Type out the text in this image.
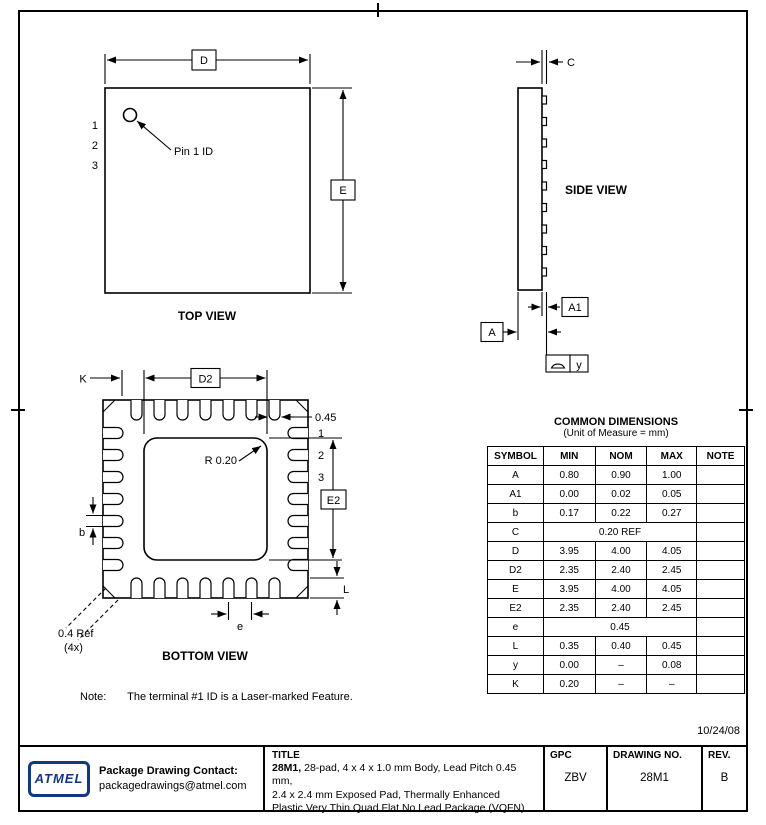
D
E
Pin 1 ID
1
2
3
TOP VIEW
C
SIDE VIEW
A1
A
y
D2
K
0.45
1
2
3
R 0.20
E2
b
L
e
0.4 Ref
(4x)
BOTTOM VIEW
Note: The terminal #1 ID is a Laser-marked Feature.
COMMON DIMENSIONS
(Unit of Measure = mm)
SYMBOL	MIN	NOM	MAX	NOTE
A	0.80	0.90	1.00	
A1	0.00	0.02	0.05	
b	0.17	0.22	0.27	
C	0.20 REF			
D	3.95	4.00	4.05	
D2	2.35	2.40	2.45	
E	3.95	4.00	4.05	
E2	2.35	2.40	2.45	
e	0.45			
L	0.35	0.40	0.45	
y	0.00	–	0.08	
K	0.20	–	–	
10/24/08
ATMEL	Package Drawing Contact:
packagedrawings@atmel.com
TITLE
28M1, 28-pad, 4 x 4 x 1.0 mm Body, Lead Pitch 0.45 mm,
2.4 x 2.4 mm Exposed Pad, Thermally Enhanced
Plastic Very Thin Quad Flat No Lead Package (VQFN)
GPC
ZBV
DRAWING NO.
28M1
REV.
B
